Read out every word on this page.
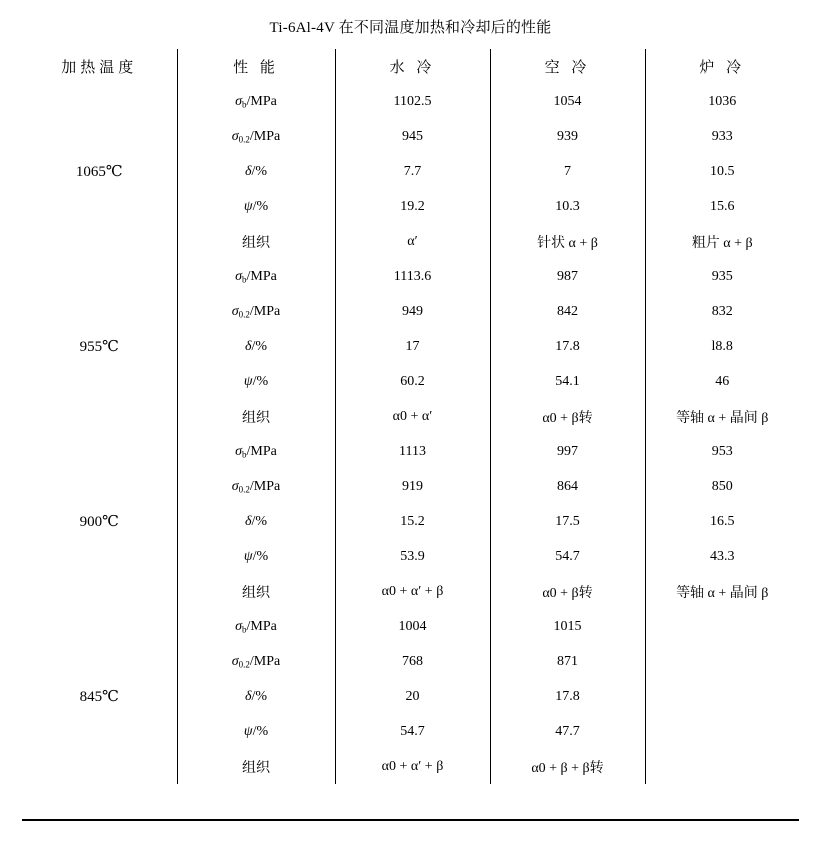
Ti‑6Al‑4V 在不同温度加热和冷却后的性能
加热温度	性 能	水 冷	空 冷	炉 冷
1065℃	$\sigma_b$/MPa	1102.5	1054	1036
	$\sigma_{0.2}$/MPa	945	939	933
	δ/%	7.7	7	10.5
	ψ/%	19.2	10.3	15.6
	组织	α′	针状 α + β	粗片 α + β
955℃	$\sigma_b$/MPa	1113.6	987	935
	$\sigma_{0.2}$/MPa	949	842	832
	δ/%	17	17.8	l8.8
	ψ/%	60.2	54.1	46
	组织	α0 + α′	α0 + β转	等轴 α + 晶间 β
900℃	$\sigma_b$/MPa	1113	997	953
	$\sigma_{0.2}$/MPa	919	864	850
	δ/%	15.2	17.5	16.5
	ψ/%	53.9	54.7	43.3
	组织	α0 + α′ + β	α0 + β转	等轴 α + 晶间 β
845℃	$\sigma_b$/MPa	1004	1015	
	$\sigma_{0.2}$/MPa	768	871	
	δ/%	20	17.8	
	ψ/%	54.7	47.7	
	组织	α0 + α′ + β	α0 + β + β转	
